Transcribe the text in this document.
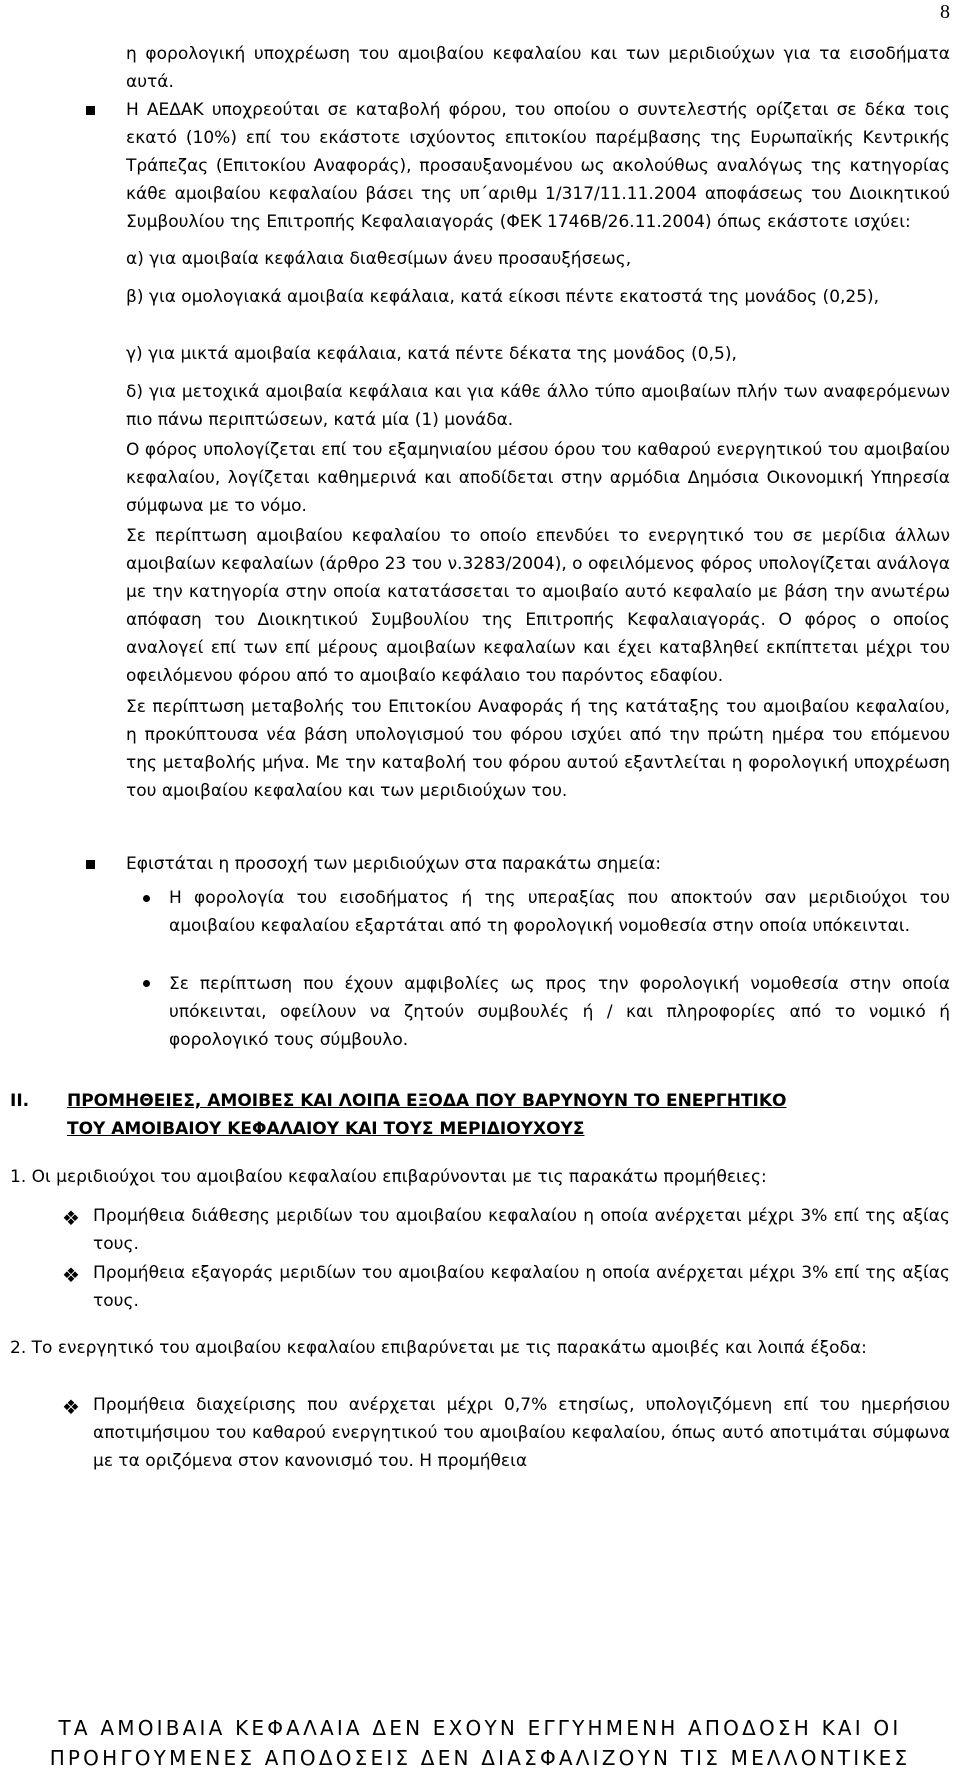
8

η φορολογική υποχρέωση του αμοιβαίου κεφαλαίου και των μεριδιούχων για τα εισοδήματα αυτά.

Η ΑΕΔΑΚ υποχρεούται σε καταβολή φόρου, του οποίου ο συντελεστής ορίζεται σε δέκα τοις εκατό (10%) επί του εκάστοτε ισχύοντος επιτοκίου παρέμβασης της Ευρωπαϊκής Κεντρικής Τράπεζας (Επιτοκίου Αναφοράς), προσαυξανομένου ως ακολούθως αναλόγως της κατηγορίας κάθε αμοιβαίου κεφαλαίου βάσει της υπ΄αριθμ 1/317/11.11.2004 αποφάσεως του Διοικητικού Συμβουλίου της Επιτροπής Κεφαλαιαγοράς (ΦΕΚ 1746Β/26.11.2004) όπως εκάστοτε ισχύει:

α) για αμοιβαία κεφάλαια διαθεσίμων άνευ προσαυξήσεως,

β) για ομολογιακά αμοιβαία κεφάλαια, κατά είκοσι πέντε εκατοστά της μονάδος (0,25),

γ) για μικτά αμοιβαία κεφάλαια, κατά πέντε δέκατα της μονάδος (0,5),

δ) για μετοχικά αμοιβαία κεφάλαια και για κάθε άλλο τύπο αμοιβαίων πλήν των αναφερόμενων πιο πάνω περιπτώσεων, κατά μία (1) μονάδα.

Ο φόρος υπολογίζεται επί του εξαμηνιαίου μέσου όρου του καθαρού ενεργητικού του αμοιβαίου κεφαλαίου, λογίζεται καθημερινά και αποδίδεται στην αρμόδια Δημόσια Οικονομική Υπηρεσία σύμφωνα με το νόμο.

Σε περίπτωση αμοιβαίου κεφαλαίου το οποίο επενδύει το ενεργητικό του σε μερίδια άλλων αμοιβαίων κεφαλαίων (άρθρο 23 του ν.3283/2004), ο οφειλόμενος φόρος υπολογίζεται ανάλογα με την κατηγορία στην οποία κατατάσσεται το αμοιβαίο αυτό κεφαλαίο με βάση την ανωτέρω απόφαση του Διοικητικού Συμβουλίου της Επιτροπής Κεφαλαιαγοράς. Ο φόρος ο οποίος αναλογεί επί των επί μέρους αμοιβαίων κεφαλαίων και έχει καταβληθεί εκπίπτεται μέχρι του οφειλόμενου φόρου από το αμοιβαίο κεφάλαιο του παρόντος εδαφίου.

Σε περίπτωση μεταβολής του Επιτοκίου Αναφοράς ή της κατάταξης του αμοιβαίου κεφαλαίου, η προκύπτουσα νέα βάση υπολογισμού του φόρου ισχύει από την πρώτη ημέρα του επόμενου της μεταβολής μήνα. Με την καταβολή του φόρου αυτού εξαντλείται η φορολογική υποχρέωση του αμοιβαίου κεφαλαίου και των μεριδιούχων του.

Εφιστάται η προσοχή των μεριδιούχων στα παρακάτω σημεία:

Η φορολογία του εισοδήματος ή της υπεραξίας που αποκτούν σαν μεριδιούχοι του αμοιβαίου κεφαλαίου εξαρτάται από τη φορολογική νομοθεσία στην οποία υπόκεινται.

Σε περίπτωση που έχουν αμφιβολίες ως προς την φορολογική νομοθεσία στην οποία υπόκεινται, οφείλουν να ζητούν συμβουλές ή / και πληροφορίες από το νομικό ή φορολογικό τους σύμβουλο.

II. ΠΡΟΜΗΘΕΙΕΣ, ΑΜΟΙΒΕΣ ΚΑΙ ΛΟΙΠΑ ΕΞΟΔΑ ΠΟΥ ΒΑΡΥΝΟΥΝ ΤΟ ΕΝΕΡΓΗΤΙΚΟ
ΤΟΥ ΑΜΟΙΒΑΙΟΥ ΚΕΦΑΛΑΙΟΥ ΚΑΙ ΤΟΥΣ ΜΕΡΙΔΙΟΥΧΟΥΣ

1. Οι μεριδιούχοι του αμοιβαίου κεφαλαίου επιβαρύνονται με τις παρακάτω προμήθειες:

❖ Προμήθεια διάθεσης μεριδίων του αμοιβαίου κεφαλαίου η οποία ανέρχεται μέχρι 3% επί της αξίας τους.

❖ Προμήθεια εξαγοράς μεριδίων του αμοιβαίου κεφαλαίου η οποία ανέρχεται μέχρι 3% επί της αξίας τους.

2. Το ενεργητικό του αμοιβαίου κεφαλαίου επιβαρύνεται με τις παρακάτω αμοιβές και λοιπά έξοδα:

❖ Προμήθεια διαχείρισης που ανέρχεται μέχρι 0,7% ετησίως, υπολογιζόμενη επί του ημερήσιου αποτιμήσιμου του καθαρού ενεργητικού του αμοιβαίου κεφαλαίου, όπως αυτό αποτιμάται σύμφωνα με τα οριζόμενα στον κανονισμό του. Η προμήθεια

ΤΑ ΑΜΟΙΒΑΙΑ ΚΕΦΑΛΑΙΑ ΔΕΝ ΕΧΟΥΝ ΕΓΓΥΗΜΕΝΗ ΑΠΟΔΟΣΗ ΚΑΙ ΟΙ
ΠΡΟΗΓΟΥΜΕΝΕΣ ΑΠΟΔΟΣΕΙΣ ΔΕΝ ΔΙΑΣΦΑΛΙΖΟΥΝ ΤΙΣ ΜΕΛΛΟΝΤΙΚΕΣ
